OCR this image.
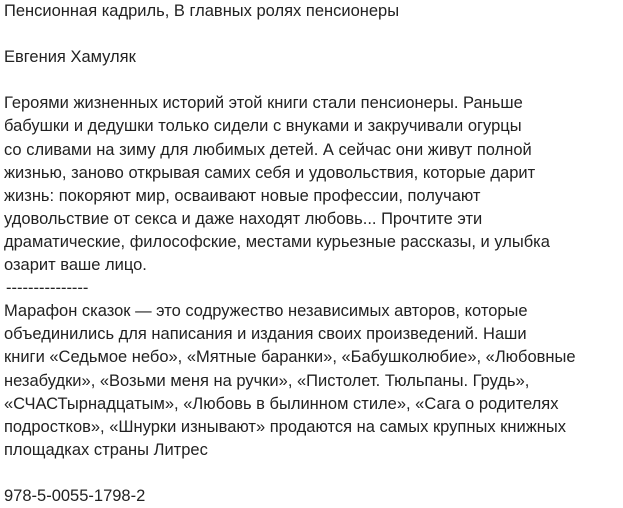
Пенсионная кадриль, В главных ролях пенсионеры
Евгения Хамуляк
Героями жизненных историй этой книги стали пенсионеры. Раньше
бабушки и дедушки только сидели с внуками и закручивали огурцы
со сливами на зиму для любимых детей. А сейчас они живут полной
жизнью, заново открывая самих себя и удовольствия, которые дарит
жизнь: покоряют мир, осваивают новые профессии, получают
удовольствие от секса и даже находят любовь... Прочтите эти
драматические, философские, местами курьезные рассказы, и улыбка
озарит ваше лицо.
---------------
Марафон сказок — это содружество независимых авторов, которые
объединились для написания и издания своих произведений. Наши
книги «Седьмое небо», «Мятные баранки», «Бабушколюбие», «Любовные
незабудки», «Возьми меня на ручки», «Пистолет. Тюльпаны. Грудь»,
«СЧАСТырнадцатым», «Любовь в былинном стиле», «Сага о родителях
подростков», «Шнурки изнывают» продаются на самых крупных книжных
площадках страны Литрес
978-5-0055-1798-2
